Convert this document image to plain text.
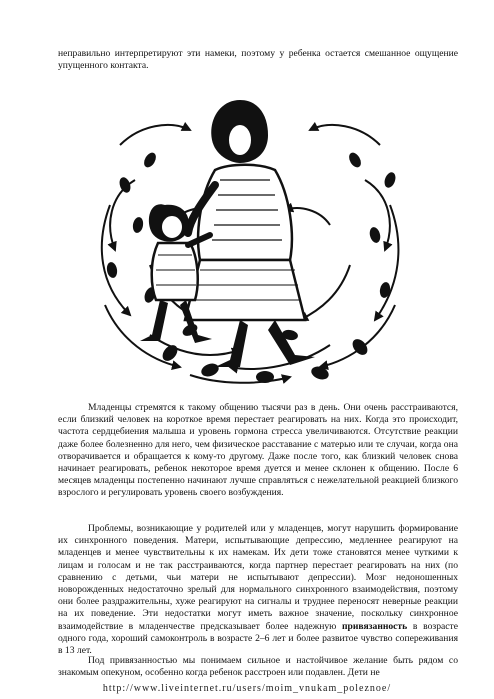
неправильно интерпретируют эти намеки, поэтому у ребенка остается смешанное ощущение упущенного контакта.

Младенцы стремятся к такому общению тысячи раз в день. Они очень расстраиваются, если близкий человек на короткое время перестает реагировать на них. Когда это происходит, частота сердцебиения малыша и уровень гормона стресса увеличиваются. Отсутствие реакции даже более болезненно для него, чем физическое расставание с матерью или те случаи, когда она отворачивается и обращается к кому-то другому. Даже после того, как близкий человек снова начинает реагировать, ребенок некоторое время дуется и менее склонен к общению. После 6 месяцев младенцы постепенно начинают лучше справляться с нежелательной реакцией близкого взрослого и регулировать уровень своего возбуждения.

Проблемы, возникающие у родителей или у младенцев, могут нарушить формирование их синхронного поведения. Матери, испытывающие депрессию, медленнее реагируют на младенцев и менее чувствительны к их намекам. Их дети тоже становятся менее чуткими к лицам и голосам и не так расстраиваются, когда партнер перестает реагировать на них (по сравнению с детьми, чьи матери не испытывают депрессии). Мозг недоношенных новорожденных недостаточно зрелый для нормального синхронного взаимодействия, поэтому они более раздражительны, хуже реагируют на сигналы и труднее переносят неверные реакции на их поведение. Эти недостатки могут иметь важное значение, поскольку синхронное взаимодействие в младенчестве предсказывает более надежную привязанность в возрасте одного года, хороший самоконтроль в возрасте 2–6 лет и более развитое чувство сопереживания в 13 лет.

Под привязанностью мы понимаем сильное и настойчивое желание быть рядом со знакомым опекуном, особенно когда ребенок расстроен или подавлен. Дети не

http://www.liveinternet.ru/users/moim_vnukam_poleznoe/
